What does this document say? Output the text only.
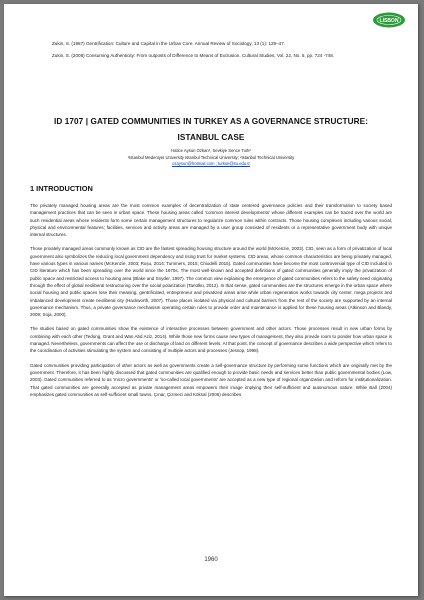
LISBON

Zukin, S. (1987) Gentrification: Culture and Capital in the Urban Core. Annual Review of Sociology, 13 (1): 129–47.

Zukin, S. (2008) Consuming Authenticity: From outposts of Difference to Means of Exclusion. Cultural Studies, Vol. 22, No. 5, pp. 724 -748.

ID 1707 | GATED COMMUNITIES IN TURKEY AS A GOVERNANCE STRUCTURE: ISTANBUL CASE
Hatice Aysun Ozkan¹, Sevkiye Sence Turk²
¹Istanbul Medeniyet University Istanbul Technical University; ²Istanbul Technical University
ozaysun@hotmail.com ; turkse@itu.edu.tr
1 INTRODUCTION

The privately managed housing areas are the most common examples of decentralization of state centered governance policies and their transformation to society based management practices that can be seen in urban space. These housing areas called 'common interest developments' whose different examples can be traced over the world are such residential areas whose residents form some certain management structures to regularize common rules within contracts. Those housing complexes including various social, physical and environmental features; facilities, services and activity areas are managed by a user group consisted of residents or a representative government body with unique internal structures.

Those privately managed areas commonly known as CID are the fastest spreading housing structure around the world (McKenzie, 2003). CID, seen as a form of privatization of local government also symbolizes the reducing local government dependency and rising trust for market systems. CID areas, whose common characteristics are being privately managed, have various types in various names (McKenzie, 2003; Rușu, 2014; Tummers, 2015; Chiodelli 2015). Gated communities have become the most controversial type of CID included in CID literature which has been spreading over the world since the 1970s. The most well-known and accepted definitions of gated communities generally imply the privatization of public space and restricted access to housing area (Blake and Snyder, 1997). The common view explaining the emergence of gated communities refers to the safety need originating through the effect of global neoliberal restructuring over the social polarization (Tanülkü, 2012). In that sense, gated communities are the structures emerge in the urban space where social housing and public spaces lose their meaning, gentrificated, entrepreneur and privatized areas arise while urban regeneration works towards city center, mega projects and imbalanced development create neoliberal city (Hackworth, 2007). Those places isolated via physical and cultural barriers from the rest of the society are supported by an internal governance mechanism. Thus, a private governance mechanism operating certain rules to provide order and maintenance is applied for these housing areas (Atkinson and Blandy, 2009; Soja, 2000).

The studies based on gated communities show the existence of interactive processes between government and other actors. Those processes result in new urban forms by combining with each other (Tedong, Grant and Wan Abd Aziz, 2014). While those new forms cause new types of management, they also provide room to ponder how urban space is managed. Nevertheless, governments can affect the use or discharge of land on different levels. At that point, the concept of governance describes a wide perspective which refers to the coordination of activities stimulating the system and consisting of multiple actors and processes (Jessop, 1998).

Gated communities providing participation of other actors as well as governments create a self-governance structure by performing some functions which are originally met by the government. Therefore, it has been highly discussed that gated communities are qualified enough to provide basic needs and services better than public governmental bodies (Low, 2003). Gated communities referred to as 'micro governments' or 'so-called local governments' are accepted as a new type of regional organization and reform for institutionalization. That gated communities are generally accepted as private management areas empowers their image implying their self-sufficient and autonomous nature. While Ball (2004) emphasizes gated communities as self-sufficient small towns, Çınar, Çizmeci and Köksal (2006) describes

1960
